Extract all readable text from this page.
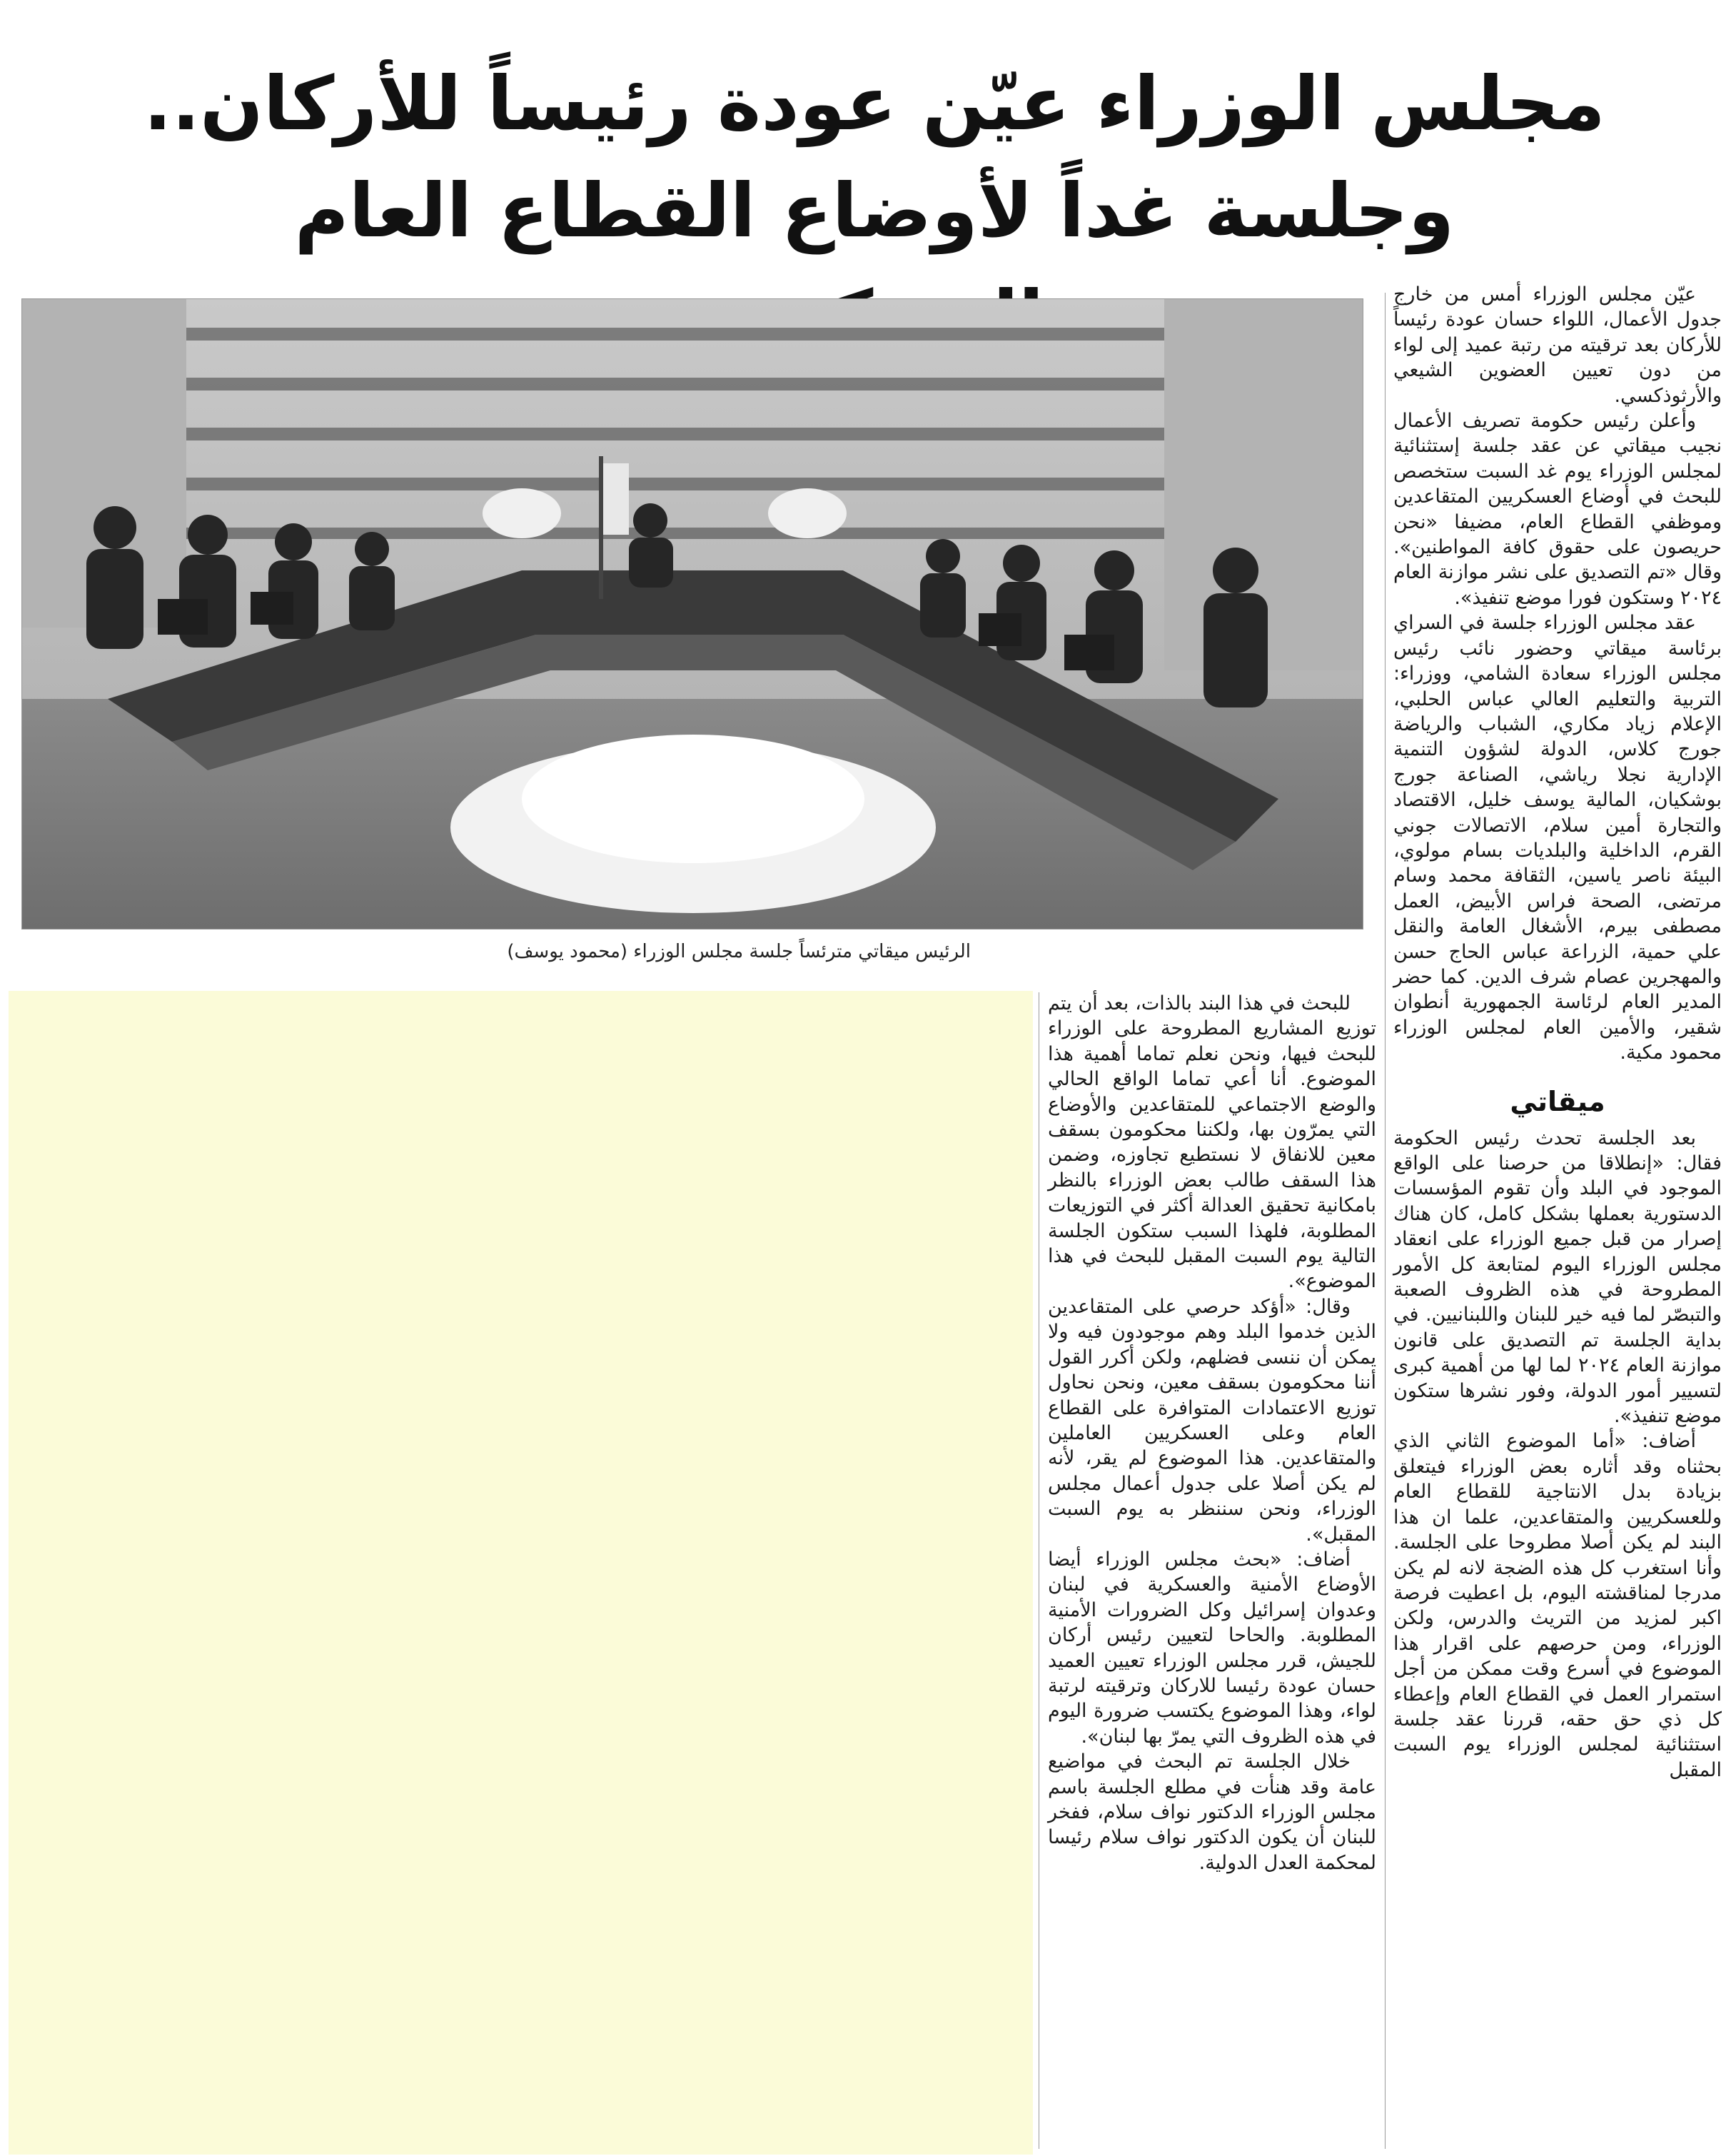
مجلس الوزراء عيّن عودة رئيساً للأركان..
وجلسة غداً لأوضاع القطاع العام
الرئيس ميقاتي مترئساً جلسة مجلس الوزراء (محمود يوسف)

عيّن مجلس الوزراء أمس من خارج جدول الأعمال، اللواء حسان عودة رئيساً للأركان بعد ترقيته من رتبة عميد إلى لواء من دون تعيين العضوين الشيعي والأرثوذكسي.

وأعلن رئيس حكومة تصريف الأعمال نجيب ميقاتي عن عقد جلسة إستثنائية لمجلس الوزراء يوم غد السبت ستخصص للبحث في أوضاع العسكريين المتقاعدين وموظفي القطاع العام، مضيفا «نحن حريصون على حقوق كافة المواطنين». وقال «تم التصديق على نشر موازنة العام ٢٠٢٤ وستكون فورا موضع تنفيذ».

عقد مجلس الوزراء جلسة في السراي برئاسة ميقاتي وحضور نائب رئيس مجلس الوزراء سعادة الشامي، ووزراء: التربية والتعليم العالي عباس الحلبي، الإعلام زياد مكاري، الشباب والرياضة جورج كلاس، الدولة لشؤون التنمية الإدارية نجلا رياشي، الصناعة جورج بوشكيان، المالية يوسف خليل، الاقتصاد والتجارة أمين سلام، الاتصالات جوني القرم، الداخلية والبلديات بسام مولوي، البيئة ناصر ياسين، الثقافة محمد وسام مرتضى، الصحة فراس الأبيض، العمل مصطفى بيرم، الأشغال العامة والنقل علي حمية، الزراعة عباس الحاج حسن والمهجرين عصام شرف الدين. كما حضر المدير العام لرئاسة الجمهورية أنطوان شقير، والأمين العام لمجلس الوزراء محمود مكية.

ميقاتي

بعد الجلسة تحدث رئيس الحكومة فقال: «إنطلاقا من حرصنا على الواقع الموجود في البلد وأن تقوم المؤسسات الدستورية بعملها بشكل كامل، كان هناك إصرار من قبل جميع الوزراء على انعقاد مجلس الوزراء اليوم لمتابعة كل الأمور المطروحة في هذه الظروف الصعبة والتبصّر لما فيه خير للبنان واللبنانيين. في بداية الجلسة تم التصديق على قانون موازنة العام ٢٠٢٤ لما لها من أهمية كبرى لتسيير أمور الدولة، وفور نشرها ستكون موضع تنفيذ».

أضاف: «أما الموضوع الثاني الذي بحثناه وقد أثاره بعض الوزراء فيتعلق بزيادة بدل الانتاجية للقطاع العام وللعسكريين والمتقاعدين، علما ان هذا البند لم يكن أصلا مطروحا على الجلسة. وأنا استغرب كل هذه الضجة لانه لم يكن مدرجا لمناقشته اليوم، بل اعطيت فرصة اكبر لمزيد من التريث والدرس، ولكن الوزراء، ومن حرصهم على اقرار هذا الموضوع في أسرع وقت ممكن من أجل استمرار العمل في القطاع العام وإعطاء كل ذي حق حقه، قررنا عقد جلسة استثنائية لمجلس الوزراء يوم السبت المقبل

للبحث في هذا البند بالذات، بعد أن يتم توزيع المشاريع المطروحة على الوزراء للبحث فيها، ونحن نعلم تماما أهمية هذا الموضوع. أنا أعي تماما الواقع الحالي والوضع الاجتماعي للمتقاعدين والأوضاع التي يمرّون بها، ولكننا محكومون بسقف معين للانفاق لا نستطيع تجاوزه، وضمن هذا السقف طالب بعض الوزراء بالنظر بامكانية تحقيق العدالة أكثر في التوزيعات المطلوبة، فلهذا السبب ستكون الجلسة التالية يوم السبت المقبل للبحث في هذا الموضوع».

وقال: «أؤكد حرصي على المتقاعدين الذين خدموا البلد وهم موجودون فيه ولا يمكن أن ننسى فضلهم، ولكن أكرر القول أننا محكومون بسقف معين، ونحن نحاول توزيع الاعتمادات المتوافرة على القطاع العام وعلى العسكريين العاملين والمتقاعدين. هذا الموضوع لم يقر، لأنه لم يكن أصلا على جدول أعمال مجلس الوزراء، ونحن سننظر به يوم السبت المقبل».

أضاف: «بحث مجلس الوزراء أيضا الأوضاع الأمنية والعسكرية في لبنان وعدوان إسرائيل وكل الضرورات الأمنية المطلوبة. والحاحا لتعيين رئيس أركان للجيش، قرر مجلس الوزراء تعيين العميد حسان عودة رئيسا للاركان وترقيته لرتبة لواء، وهذا الموضوع يكتسب ضرورة اليوم في هذه الظروف التي يمرّ بها لبنان».

خلال الجلسة تم البحث في مواضيع عامة وقد هنأت في مطلع الجلسة باسم مجلس الوزراء الدكتور نواف سلام، ففخر للبنان أن يكون الدكتور نواف سلام رئيسا لمحكمة العدل الدولية.
